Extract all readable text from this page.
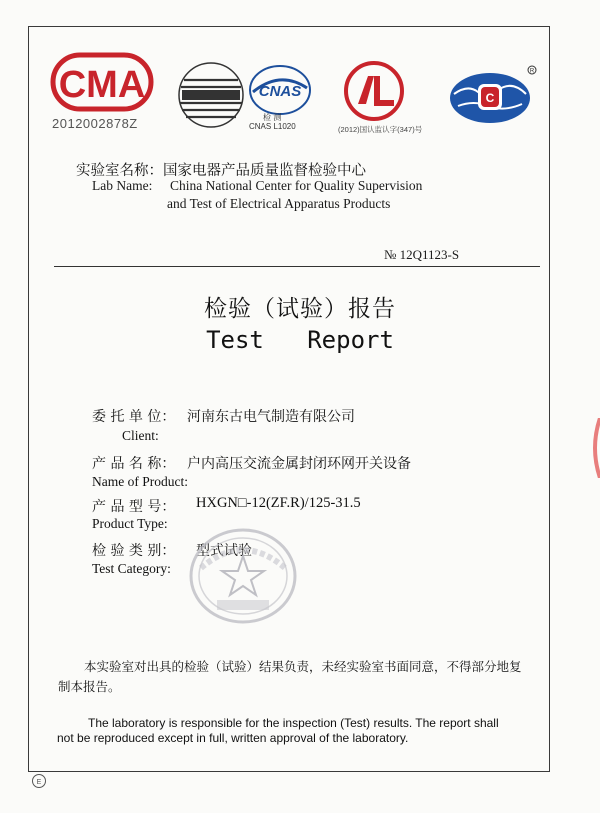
CMA
2012002878Z
CNAS
检 测
CNAS L1020	(2012)国认监认字(347)号
C
R
实验室名称：国家电器产品质量监督检验中心
Lab Name: China National Center for Quality Supervision
and Test of Electrical Apparatus Products
№ 12Q1123-S
检验（试验）报告
Test   Report
委 托 单 位： 河南东古电气制造有限公司
Client:
产 品 名 称： 户内高压交流金属封闭环网开关设备
Name of Product:
产 品 型 号： HXGN□-12(ZF.R)/125-31.5
Product Type:
检 验 类 别： 型式试验
Test Category:
本实验室对出具的检验（试验）结果负责，未经实验室书面同意，不得部分地复制本报告。
The laboratory is responsible for the inspection (Test) results. The report shall
not be reproduced except in full, written approval of the laboratory.
E
